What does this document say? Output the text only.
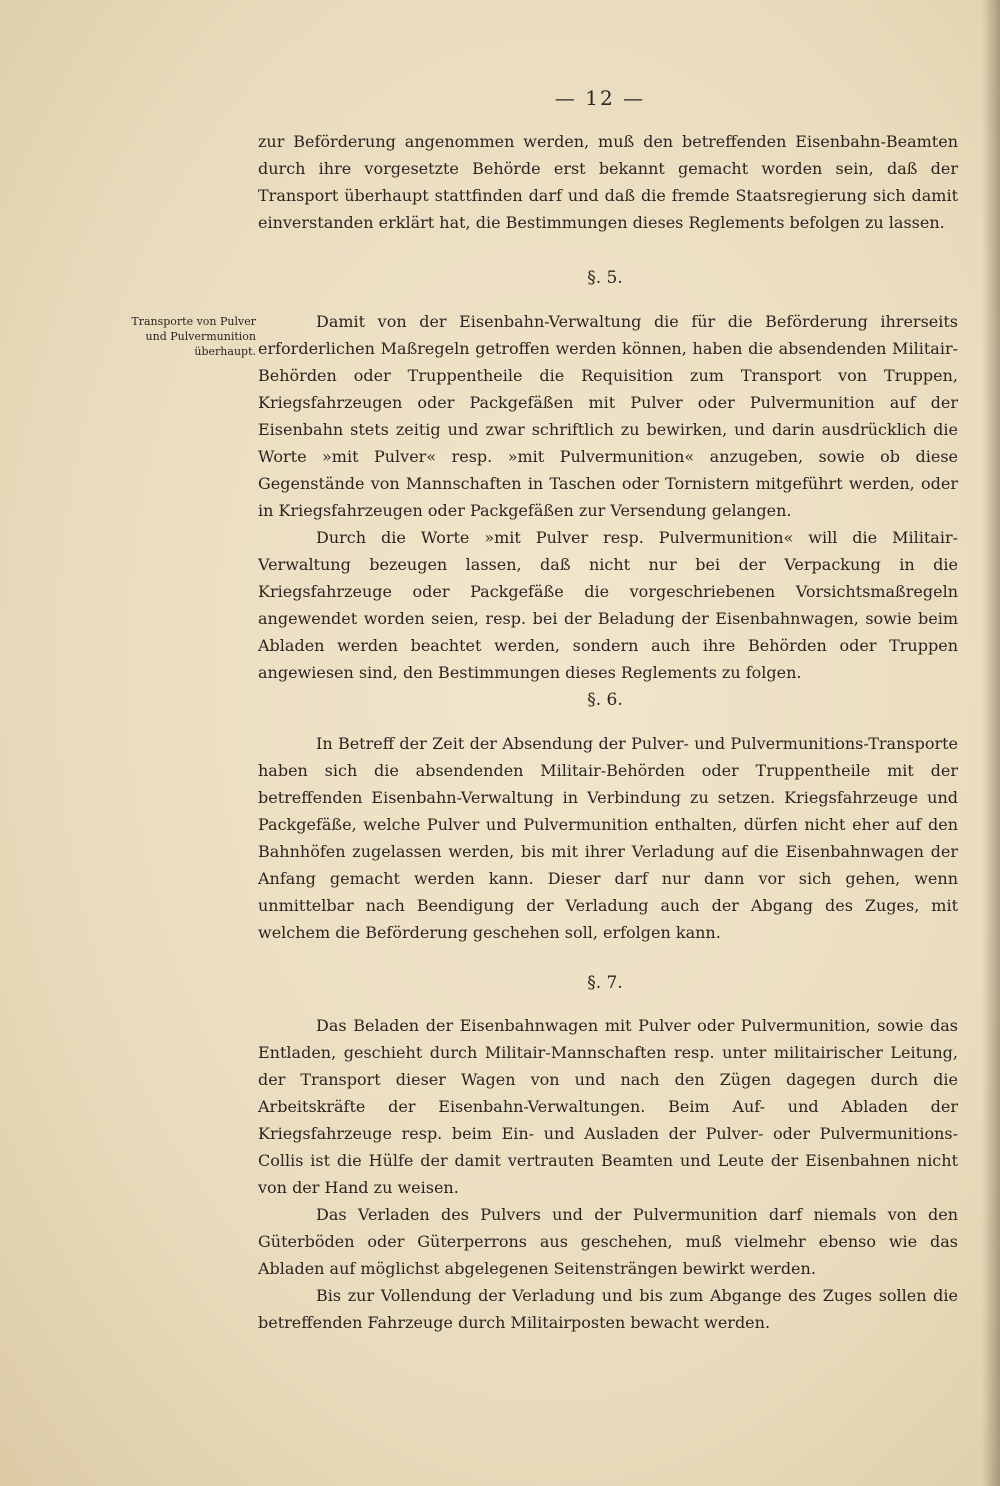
— 12 —

zur Beförderung angenommen werden, muß den betreffenden Eisenbahn-Beamten durch ihre vorgesetzte Behörde erst bekannt gemacht worden sein, daß der Transport überhaupt stattfinden darf und daß die fremde Staatsregierung sich damit einverstanden erklärt hat, die Bestimmungen dieses Reglements befolgen zu lassen.

§. 5.
Transporte von Pulver und Pulvermunition überhaupt.

Damit von der Eisenbahn-Verwaltung die für die Beförderung ihrerseits erforderlichen Maßregeln getroffen werden können, haben die absendenden Militair-Behörden oder Truppentheile die Requisition zum Transport von Truppen, Kriegsfahrzeugen oder Packgefäßen mit Pulver oder Pulvermunition auf der Eisenbahn stets zeitig und zwar schriftlich zu bewirken, und darin ausdrücklich die Worte »mit Pulver« resp. »mit Pulvermunition« anzugeben, sowie ob diese Gegenstände von Mannschaften in Taschen oder Tornistern mitgeführt werden, oder in Kriegsfahrzeugen oder Packgefäßen zur Versendung gelangen.

Durch die Worte »mit Pulver resp. Pulvermunition« will die Militair-Verwaltung bezeugen lassen, daß nicht nur bei der Verpackung in die Kriegsfahrzeuge oder Packgefäße die vorgeschriebenen Vorsichtsmaßregeln angewendet worden seien, resp. bei der Beladung der Eisenbahnwagen, sowie beim Abladen werden beachtet werden, sondern auch ihre Behörden oder Truppen angewiesen sind, den Bestimmungen dieses Reglements zu folgen.

§. 6.

In Betreff der Zeit der Absendung der Pulver- und Pulvermunitions-Transporte haben sich die absendenden Militair-Behörden oder Truppentheile mit der betreffenden Eisenbahn-Verwaltung in Verbindung zu setzen. Kriegsfahrzeuge und Packgefäße, welche Pulver und Pulvermunition enthalten, dürfen nicht eher auf den Bahnhöfen zugelassen werden, bis mit ihrer Verladung auf die Eisenbahnwagen der Anfang gemacht werden kann. Dieser darf nur dann vor sich gehen, wenn unmittelbar nach Beendigung der Verladung auch der Abgang des Zuges, mit welchem die Beförderung geschehen soll, erfolgen kann.

§. 7.

Das Beladen der Eisenbahnwagen mit Pulver oder Pulvermunition, sowie das Entladen, geschieht durch Militair-Mannschaften resp. unter militairischer Leitung, der Transport dieser Wagen von und nach den Zügen dagegen durch die Arbeitskräfte der Eisenbahn-Verwaltungen. Beim Auf- und Abladen der Kriegsfahrzeuge resp. beim Ein- und Ausladen der Pulver- oder Pulvermunitions-Collis ist die Hülfe der damit vertrauten Beamten und Leute der Eisenbahnen nicht von der Hand zu weisen.

Das Verladen des Pulvers und der Pulvermunition darf niemals von den Güterböden oder Güterperrons aus geschehen, muß vielmehr ebenso wie das Abladen auf möglichst abgelegenen Seitensträngen bewirkt werden.

Bis zur Vollendung der Verladung und bis zum Abgange des Zuges sollen die betreffenden Fahrzeuge durch Militairposten bewacht werden.
